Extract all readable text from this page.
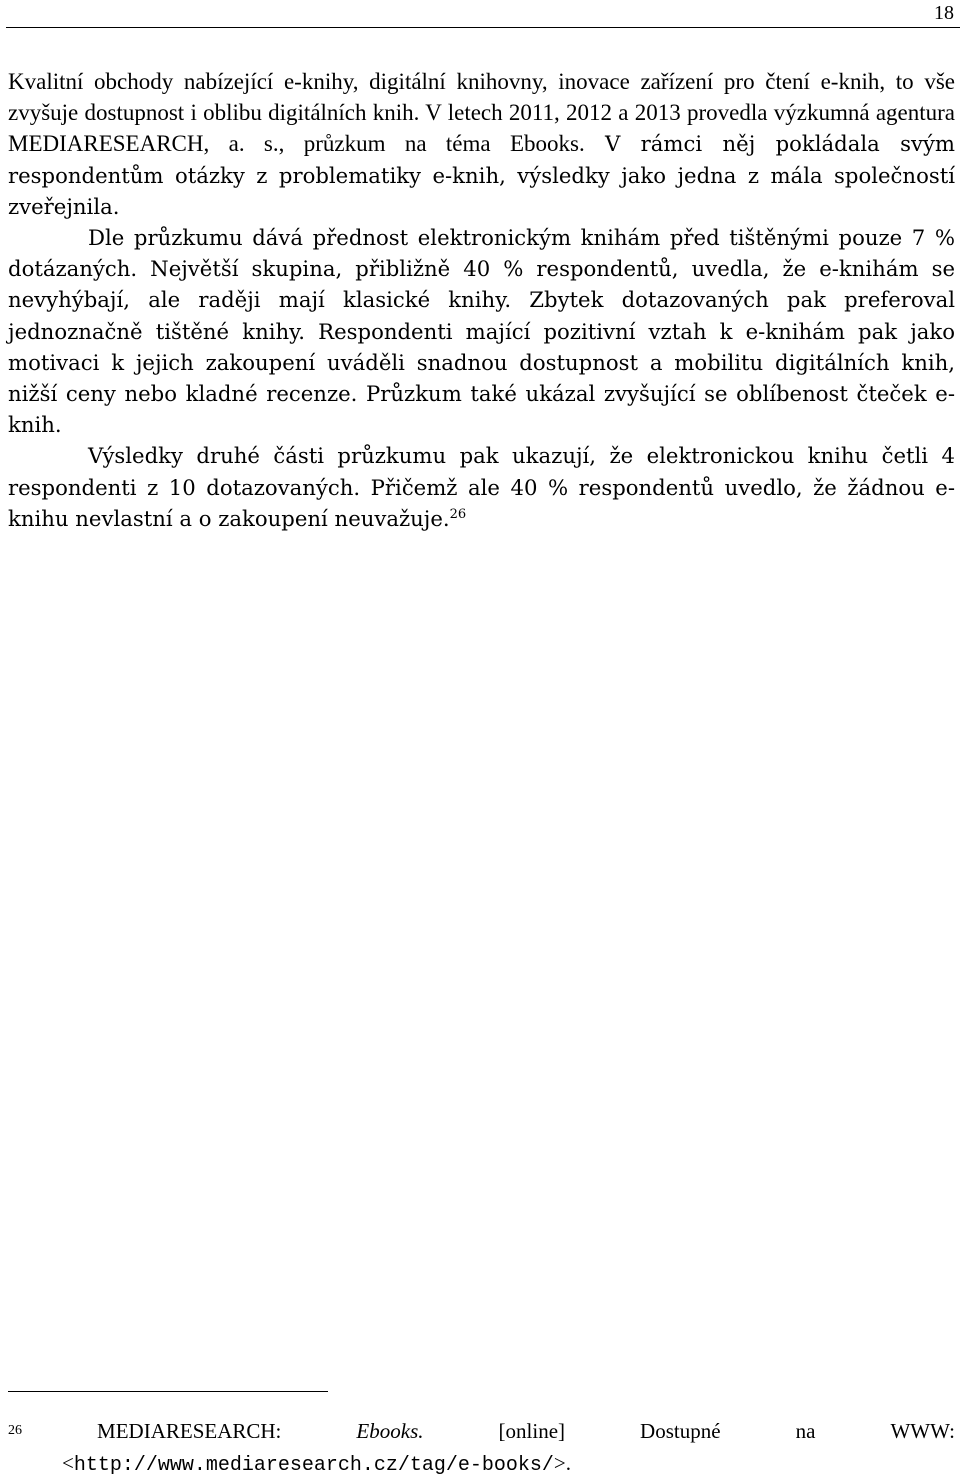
18

Kvalitní obchody nabízející e-knihy, digitální knihovny, inovace zařízení pro čtení e-knih, to vše zvyšuje dostupnost i oblibu digitálních knih. V letech 2011, 2012 a 2013 provedla výzkumná agentura MEDIARESEARCH, a. s., průzkum na téma Ebooks. V rámci něj pokládala svým respondentům otázky z problematiky e-knih, výsledky jako jedna z mála společností zveřejnila.

Dle průzkumu dává přednost elektronickým knihám před tištěnými pouze 7 % dotázaných. Největší skupina, přibližně 40 % respondentů, uvedla, že e-knihám se nevyhýbají, ale raději mají klasické knihy. Zbytek dotazovaných pak preferoval jednoznačně tištěné knihy. Respondenti mající pozitivní vztah k e-knihám pak jako motivaci k jejich zakoupení uváděli snadnou dostupnost a mobilitu digitálních knih, nižší ceny nebo kladné recenze. Průzkum také ukázal zvyšující se oblíbenost čteček e-knih.

Výsledky druhé části průzkumu pak ukazují, že elektronickou knihu četli 4 respondenti z 10 dotazovaných. Přičemž ale 40 % respondentů uvedlo, že žádnou e-knihu nevlastní a o zakoupení neuvažuje.$^{26}$

26	MEDIARESEARCH:	Ebooks.	[online]	Dostupné	na	WWW:
<http://www.mediaresearch.cz/tag/e-books/>.
